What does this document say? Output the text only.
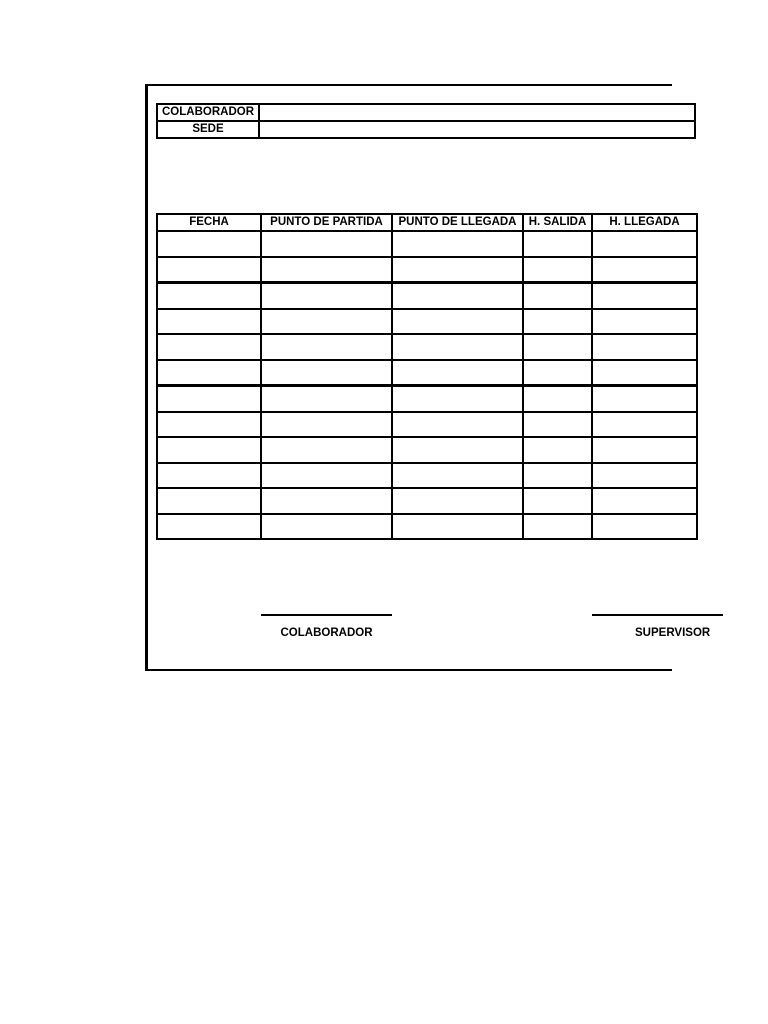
COLABORADOR	
SEDE	
FECHA	PUNTO DE PARTIDA	PUNTO DE LLEGADA	H. SALIDA	H. LLEGADA

COLABORADOR	SUPERVISOR
